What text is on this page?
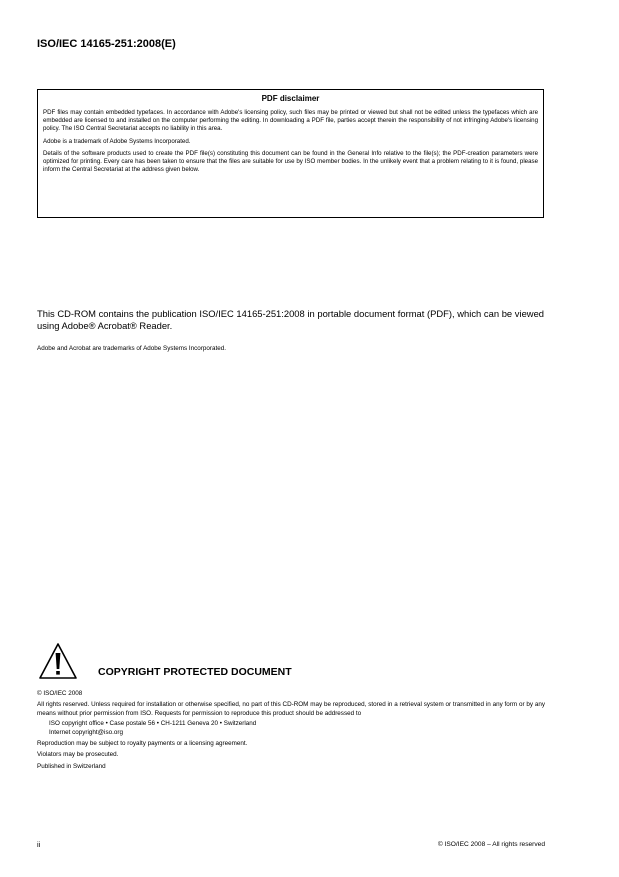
ISO/IEC 14165-251:2008(E)
PDF disclaimer

PDF files may contain embedded typefaces. In accordance with Adobe's licensing policy, such files may be printed or viewed but shall not be edited unless the typefaces which are embedded are licensed to and installed on the computer performing the editing. In downloading a PDF file, parties accept therein the responsibility of not infringing Adobe's licensing policy. The ISO Central Secretariat accepts no liability in this area.

Adobe is a trademark of Adobe Systems Incorporated.

Details of the software products used to create the PDF file(s) constituting this document can be found in the General Info relative to the file(s); the PDF-creation parameters were optimized for printing. Every care has been taken to ensure that the files are suitable for use by ISO member bodies. In the unlikely event that a problem relating to it is found, please inform the Central Secretariat at the address given below.

This CD-ROM contains the publication ISO/IEC 14165-251:2008 in portable document format (PDF), which can be viewed using Adobe® Acrobat® Reader.
Adobe and Acrobat are trademarks of Adobe Systems Incorporated.
COPYRIGHT PROTECTED DOCUMENT

© ISO/IEC 2008

All rights reserved. Unless required for installation or otherwise specified, no part of this CD-ROM may be reproduced, stored in a retrieval system or transmitted in any form or by any means without prior permission from ISO. Requests for permission to reproduce this product should be addressed to

ISO copyright office • Case postale 56 • CH-1211 Geneva 20 • Switzerland

Internet copyright@iso.org

Reproduction may be subject to royalty payments or a licensing agreement.

Violators may be prosecuted.

Published in Switzerland

ii	© ISO/IEC 2008 – All rights reserved
